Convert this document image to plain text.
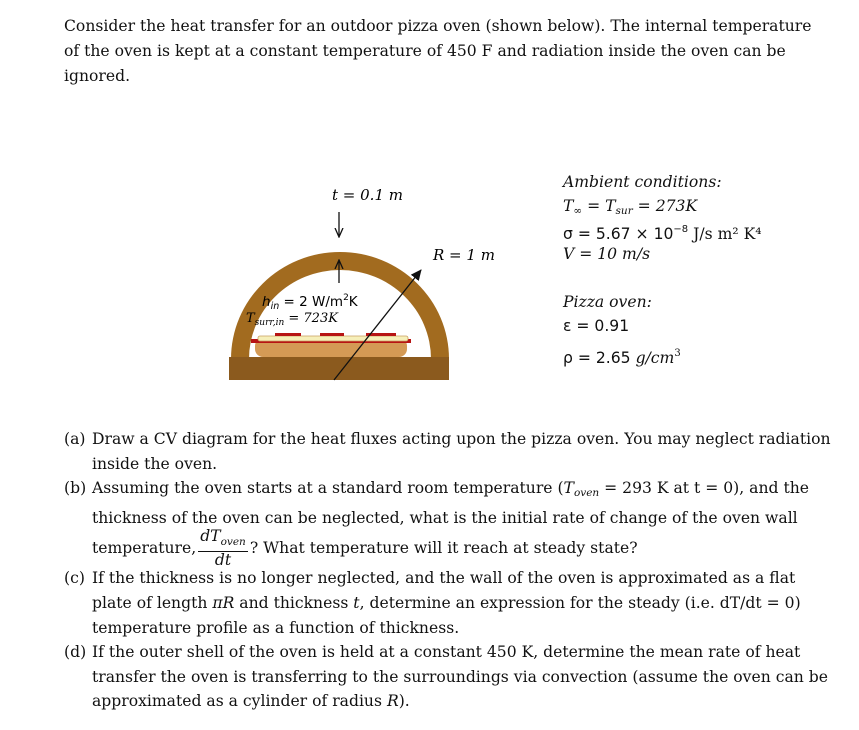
Consider the heat transfer for an outdoor pizza oven (shown below). The internal temperature of the oven is kept at a constant temperature of 450 F and radiation inside the oven can be ignored.

t = 0.1 m
R = 1 m
$h_{in} = 2$ $W/m^2K$
$T_{surr,in} = 723K$
Ambient conditions:
$T_\infty = T_{sur} = 273K$
$\sigma = 5.67 \times 10^{-8}$ J/s m² K⁴
V = 10 m/s
Pizza oven:
ε = 0.91
ρ = 2.65 $g/cm^3$
(a) Draw a CV diagram for the heat fluxes acting upon the pizza oven. You may neglect radiation inside the oven.
(b) Assuming the oven starts at a standard room temperature ($T_{oven} = 293$ K at t = 0), and the thickness of the oven can be neglected, what is the initial rate of change of the oven wall
temperature, $\frac{dT_{oven}}{dt}$ ? What temperature will it reach at steady state?
(c) If the thickness is no longer neglected, and the wall of the oven is approximated as a flat plate of length πR and thickness t, determine an expression for the steady (i.e. dT/dt = 0) temperature profile as a function of thickness.
(d) If the outer shell of the oven is held at a constant 450 K, determine the mean rate of heat transfer the oven is transferring to the surroundings via convection (assume the oven can be approximated as a cylinder of radius R).
